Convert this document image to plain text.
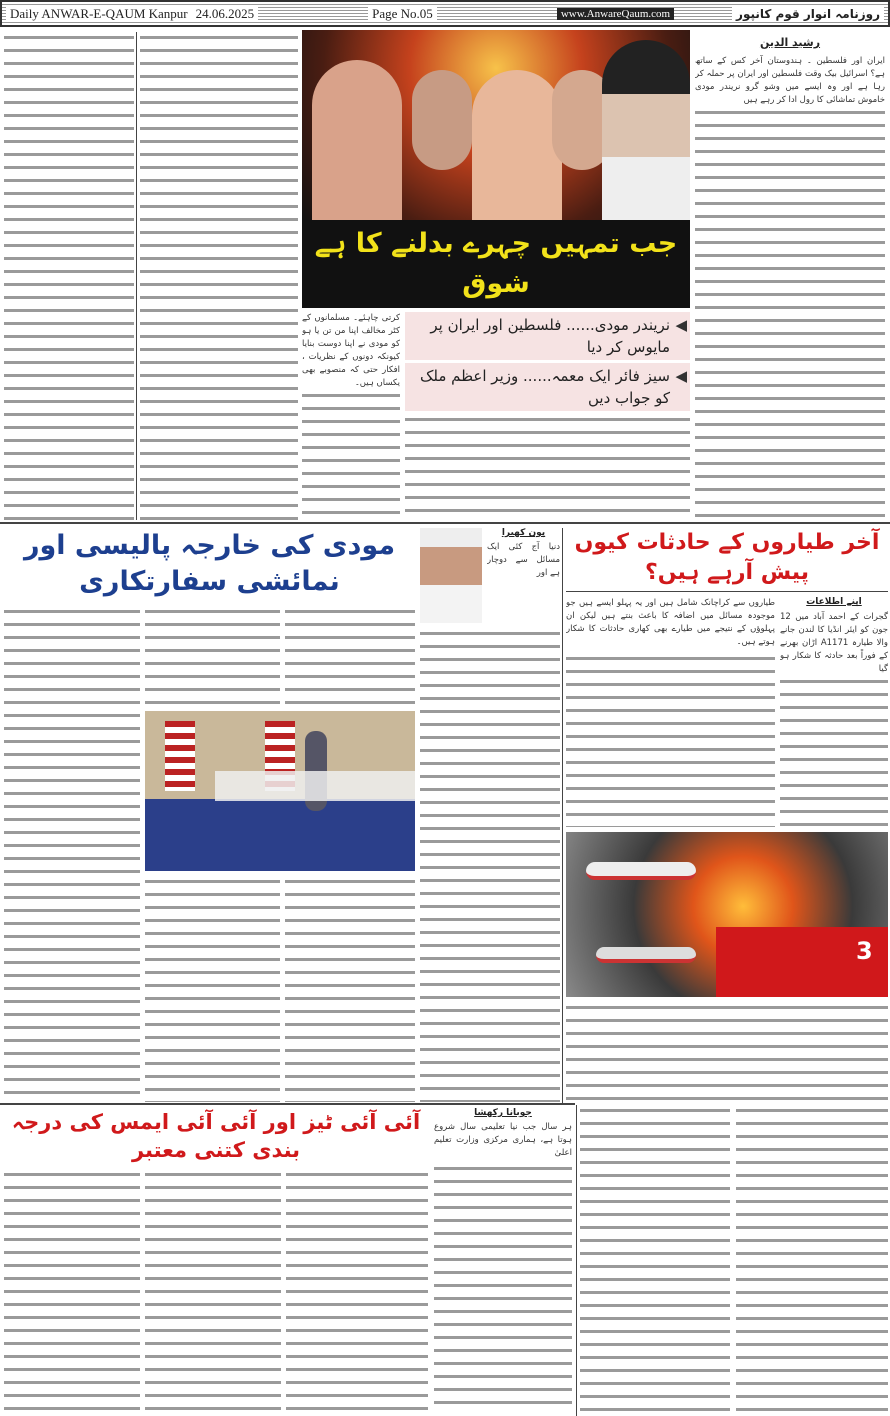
Daily ANWAR-E-QAUM Kanpur 24.06.2025	Page No.05	www.AnwareQaum.com	روزنامہ انوار قوم کانپور
جب تمہیں چہرے بدلنے کا ہے شوق
کرتی چاہئے۔ مسلمانوں کے کٹر مخالف اپنا من تن یا ہو کو مودی نے اپنا دوست بنایا کیونکہ دونوں کے نظریات ، افکار حتی کہ منصوبے بھی یکساں ہیں۔
نریندر مودی...... فلسطین اور ایران پر مایوس کر دیا
◀
سیز فائر ایک معمہ...... وزیر اعظم ملک کو جواب دیں
◀
رشید الدین
ایران اور فلسطین ۔ ہندوستان آخر کس کے ساتھ ہے؟ اسرائیل بیک وقت فلسطین اور ایران پر حملہ کر رہا ہے اور وہ ایسے میں وشو گرو نریندر مودی خاموش تماشائی کا رول ادا کر رہے ہیں
مودی کی خارجہ پالیسی اور نمائشی سفارتکاری
پون کھیرا
دنیا آج کئی ایک مسائل سے دوچار ہے اور
آخر طیاروں کے حادثات کیوں پیش آرہے ہیں؟
طیاروں سے کراچانک شامل ہیں اور یہ پہلو ایسے ہیں جو موجودہ مسائل میں اضافہ کا باعث بنتے ہیں لیکن ان پہلوؤں کے نتیجے میں طیارے بھی کھاری حادثات کا شکار ہوتے ہیں۔
اپنے اطلاعات
گجرات کے احمد آباد میں 12 جون کو ایئر انڈیا کا لندن جانے والا طیارہ A1171 اڑان بھرنے کے فوراً بعد حادثہ کا شکار ہو گیا
3
آئی آئی ٹیز اور آئی آئی ایمس کی درجہ بندی کتنی معتبر
جوبانا رکھشا
ہر سال جب نیا تعلیمی سال شروع ہوتا ہے، ہماری مرکزی وزارت تعلیم اعلیٰ
